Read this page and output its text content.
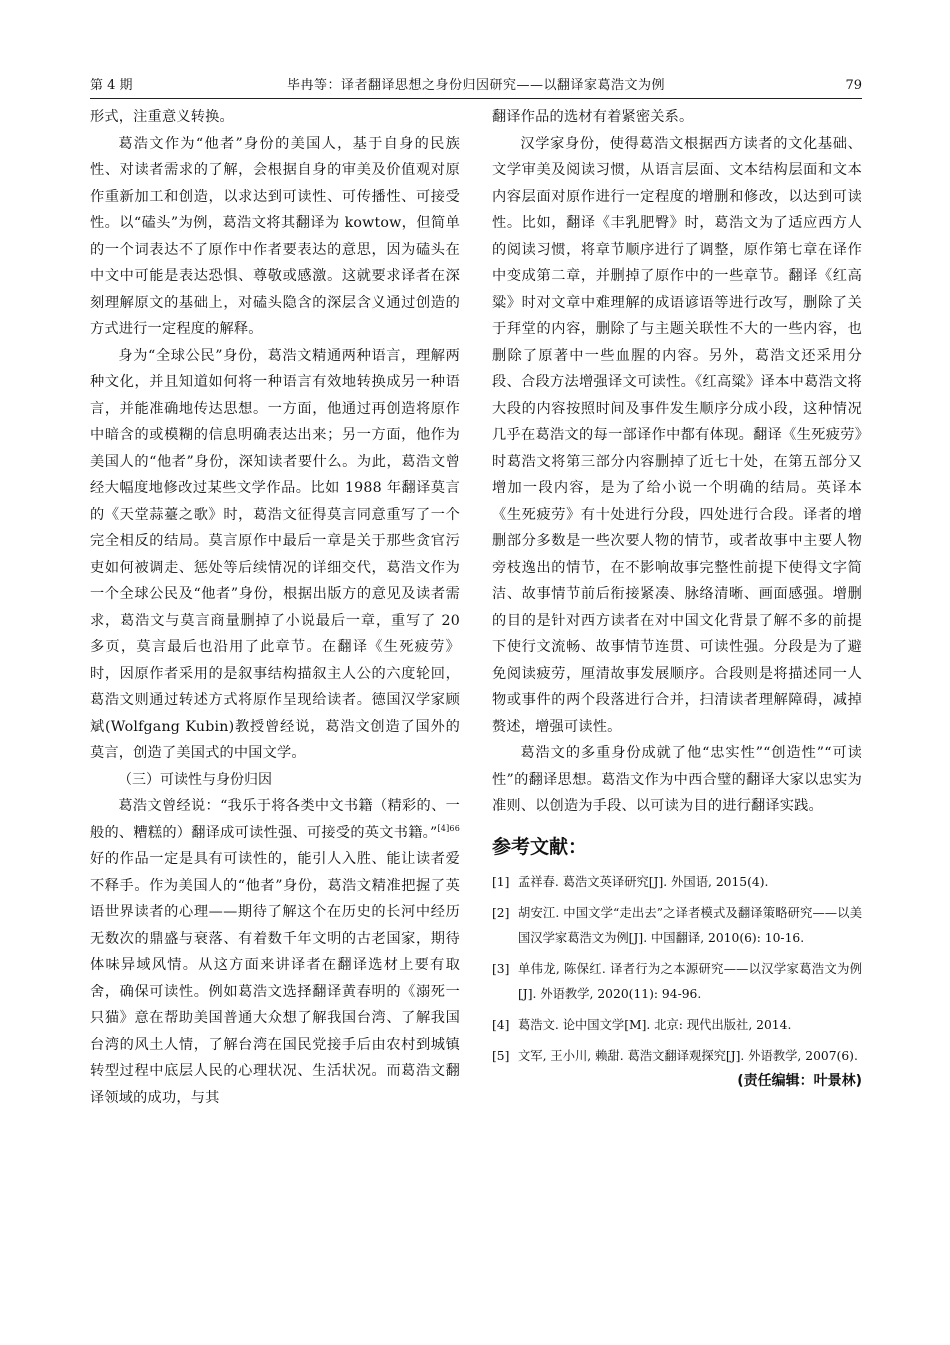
第 4 期	毕冉等：译者翻译思想之身份归因研究——以翻译家葛浩文为例	79

形式，注重意义转换。

葛浩文作为“他者”身份的美国人，基于自身的民族性、对读者需求的了解，会根据自身的审美及价值观对原作重新加工和创造，以求达到可读性、可传播性、可接受性。以“磕头”为例，葛浩文将其翻译为 kowtow，但简单的一个词表达不了原作中作者要表达的意思，因为磕头在中文中可能是表达恐惧、尊敬或感激。这就要求译者在深刻理解原文的基础上，对磕头隐含的深层含义通过创造的方式进行一定程度的解释。

身为“全球公民”身份，葛浩文精通两种语言，理解两种文化，并且知道如何将一种语言有效地转换成另一种语言，并能准确地传达思想。一方面，他通过再创造将原作中暗含的或模糊的信息明确表达出来；另一方面，他作为美国人的“他者”身份，深知读者要什么。为此，葛浩文曾经大幅度地修改过某些文学作品。比如 1988 年翻译莫言的《天堂蒜薹之歌》时，葛浩文征得莫言同意重写了一个完全相反的结局。莫言原作中最后一章是关于那些贪官污吏如何被调走、惩处等后续情况的详细交代，葛浩文作为一个全球公民及“他者”身份，根据出版方的意见及读者需求，葛浩文与莫言商量删掉了小说最后一章，重写了 20 多页，莫言最后也沿用了此章节。在翻译《生死疲劳》时，因原作者采用的是叙事结构描叙主人公的六度轮回，葛浩文则通过转述方式将原作呈现给读者。德国汉学家顾斌(Wolfgang Kubin)教授曾经说，葛浩文创造了国外的莫言，创造了美国式的中国文学。

（三）可读性与身份归因

葛浩文曾经说：“我乐于将各类中文书籍（精彩的、一般的、糟糕的）翻译成可读性强、可接受的英文书籍。”$^{[4]66}$好的作品一定是具有可读性的，能引人入胜、能让读者爱不释手。作为美国人的“他者”身份，葛浩文精准把握了英语世界读者的心理——期待了解这个在历史的长河中经历无数次的鼎盛与衰落、有着数千年文明的古老国家，期待体味异域风情。从这方面来讲译者在翻译选材上要有取舍，确保可读性。例如葛浩文选择翻译黄春明的《溺死一只猫》意在帮助美国普通大众想了解我国台湾、了解我国台湾的风土人情，了解台湾在国民党接手后由农村到城镇转型过程中底层人民的心理状况、生活状况。而葛浩文翻译领域的成功，与其

翻译作品的选材有着紧密关系。

汉学家身份，使得葛浩文根据西方读者的文化基础、文学审美及阅读习惯，从语言层面、文本结构层面和文本内容层面对原作进行一定程度的增删和修改，以达到可读性。比如，翻译《丰乳肥臀》时，葛浩文为了适应西方人的阅读习惯，将章节顺序进行了调整，原作第七章在译作中变成第二章，并删掉了原作中的一些章节。翻译《红高粱》时对文章中难理解的成语谚语等进行改写，删除了关于拜堂的内容，删除了与主题关联性不大的一些内容，也删除了原著中一些血腥的内容。另外，葛浩文还采用分段、合段方法增强译文可读性。《红高粱》译本中葛浩文将大段的内容按照时间及事件发生顺序分成小段，这种情况几乎在葛浩文的每一部译作中都有体现。翻译《生死疲劳》时葛浩文将第三部分内容删掉了近七十处，在第五部分又增加一段内容，是为了给小说一个明确的结局。英译本《生死疲劳》有十处进行分段，四处进行合段。译者的增删部分多数是一些次要人物的情节，或者故事中主要人物旁枝逸出的情节，在不影响故事完整性前提下使得文字简洁、故事情节前后衔接紧凑、脉络清晰、画面感强。增删的目的是针对西方读者在对中国文化背景了解不多的前提下使行文流畅、故事情节连贯、可读性强。分段是为了避免阅读疲劳，厘清故事发展顺序。合段则是将描述同一人物或事件的两个段落进行合并，扫清读者理解障碍，减掉赘述，增强可读性。

葛浩文的多重身份成就了他“忠实性”“创造性”“可读性”的翻译思想。葛浩文作为中西合璧的翻译大家以忠实为准则、以创造为手段、以可读为目的进行翻译实践。

参考文献：
[1] 孟祥春. 葛浩文英译研究[J]. 外国语, 2015(4).
[2] 胡安江. 中国文学“走出去”之译者模式及翻译策略研究——以美国汉学家葛浩文为例[J]. 中国翻译, 2010(6): 10-16.
[3] 单伟龙, 陈保红. 译者行为之本源研究——以汉学家葛浩文为例[J]. 外语教学, 2020(11): 94-96.
[4] 葛浩文. 论中国文学[M]. 北京: 现代出版社, 2014.
[5] 文军, 王小川, 赖甜. 葛浩文翻译观探究[J]. 外语教学, 2007(6).
(责任编辑：叶景林)
